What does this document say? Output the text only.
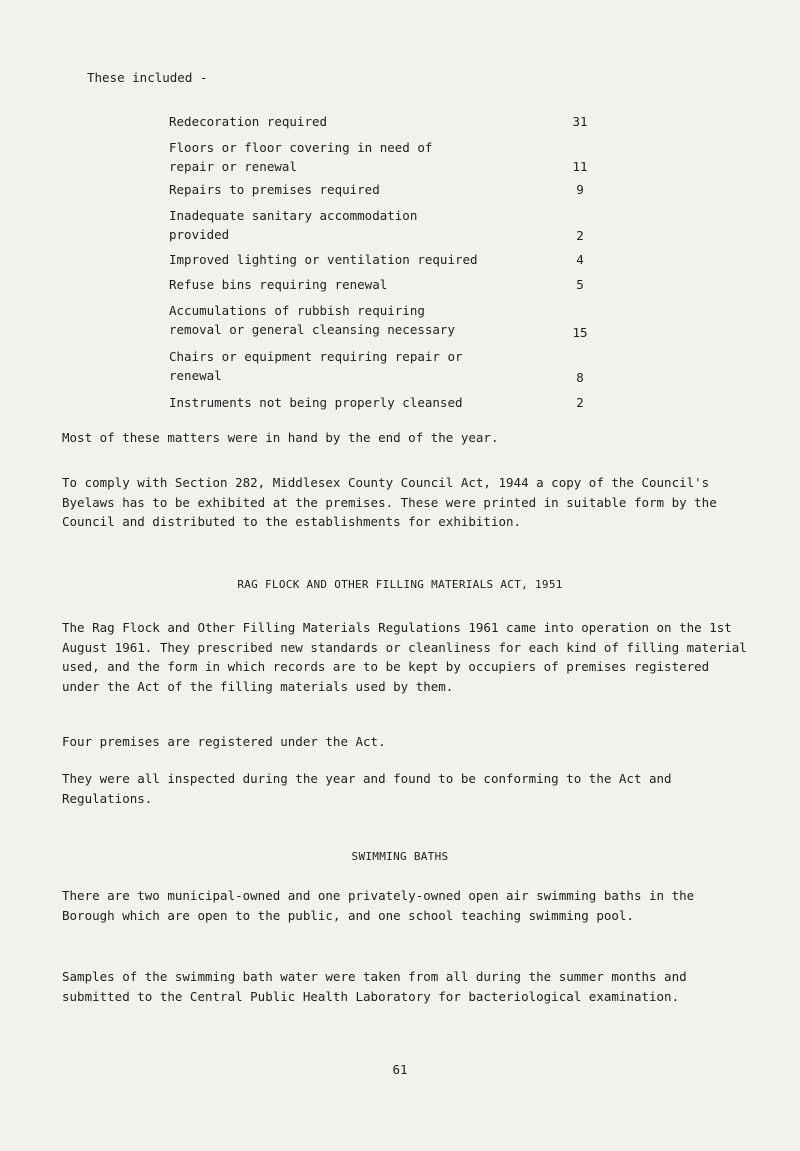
These included -
Redecoration required	31
Floors or floor covering in need of
repair or renewal	11
Repairs to premises required	9
Inadequate sanitary accommodation
provided	2
Improved lighting or ventilation required	4
Refuse bins requiring renewal	5
Accumulations of rubbish requiring
removal or general cleansing necessary	15
Chairs or equipment requiring repair or
renewal	8
Instruments not being properly cleansed	2
Most of these matters were in hand by the end of the year.
To comply with Section 282, Middlesex County Council Act, 1944 a copy of the Council's Byelaws has to be exhibited at the premises. These were printed in suitable form by the Council and distributed to the establishments for exhibition.
RAG FLOCK AND OTHER FILLING MATERIALS ACT, 1951
The Rag Flock and Other Filling Materials Regulations 1961 came into operation on the 1st August 1961. They prescribed new standards or cleanliness for each kind of filling material used, and the form in which records are to be kept by occupiers of premises registered under the Act of the filling materials used by them.
Four premises are registered under the Act.
They were all inspected during the year and found to be conforming to the Act and Regulations.
SWIMMING BATHS
There are two municipal-owned and one privately-owned open air swimming baths in the Borough which are open to the public, and one school teaching swimming pool.
Samples of the swimming bath water were taken from all during the summer months and submitted to the Central Public Health Laboratory for bacteriological examination.
61
